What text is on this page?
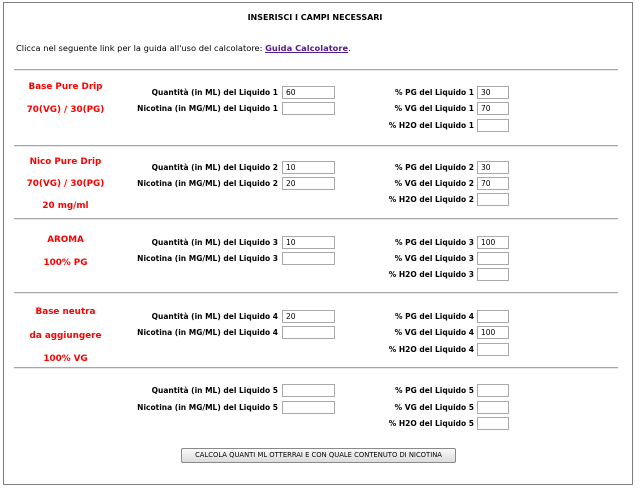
INSERISCI I CAMPI NECESSARI
Clicca nel seguente link per la guida all'uso del calcolatore: Guida Calcolatore.
Base Pure Drip
70(VG) / 30(PG)
Quantità (in ML) del Liquido 1
60
Nicotina (in MG/ML) del Liquido 1
% PG del Liquido 1
30
% VG del Liquido 1
70
% H2O del Liquido 1
Nico Pure Drip
70(VG) / 30(PG)
20 mg/ml
Quantità (in ML) del Liquido 2
10
Nicotina (in MG/ML) del Liquido 2
20
% PG del Liquido 2
30
% VG del Liquido 2
70
% H2O del Liquido 2
AROMA
100% PG
Quantità (in ML) del Liquido 3
10
Nicotina (in MG/ML) del Liquido 3
% PG del Liquido 3
100
% VG del Liquido 3
% H2O del Liquido 3
Base neutra
da aggiungere
100% VG
Quantità (in ML) del Liquido 4
20
Nicotina (in MG/ML) del Liquido 4
% PG del Liquido 4
% VG del Liquido 4
100
% H2O del Liquido 4
Quantità (in ML) del Liquido 5
Nicotina (in MG/ML) del Liquido 5
% PG del Liquido 5
% VG del Liquido 5
% H2O del Liquido 5
CALCOLA QUANTI ML OTTERRAI E CON QUALE CONTENUTO DI NICOTINA
